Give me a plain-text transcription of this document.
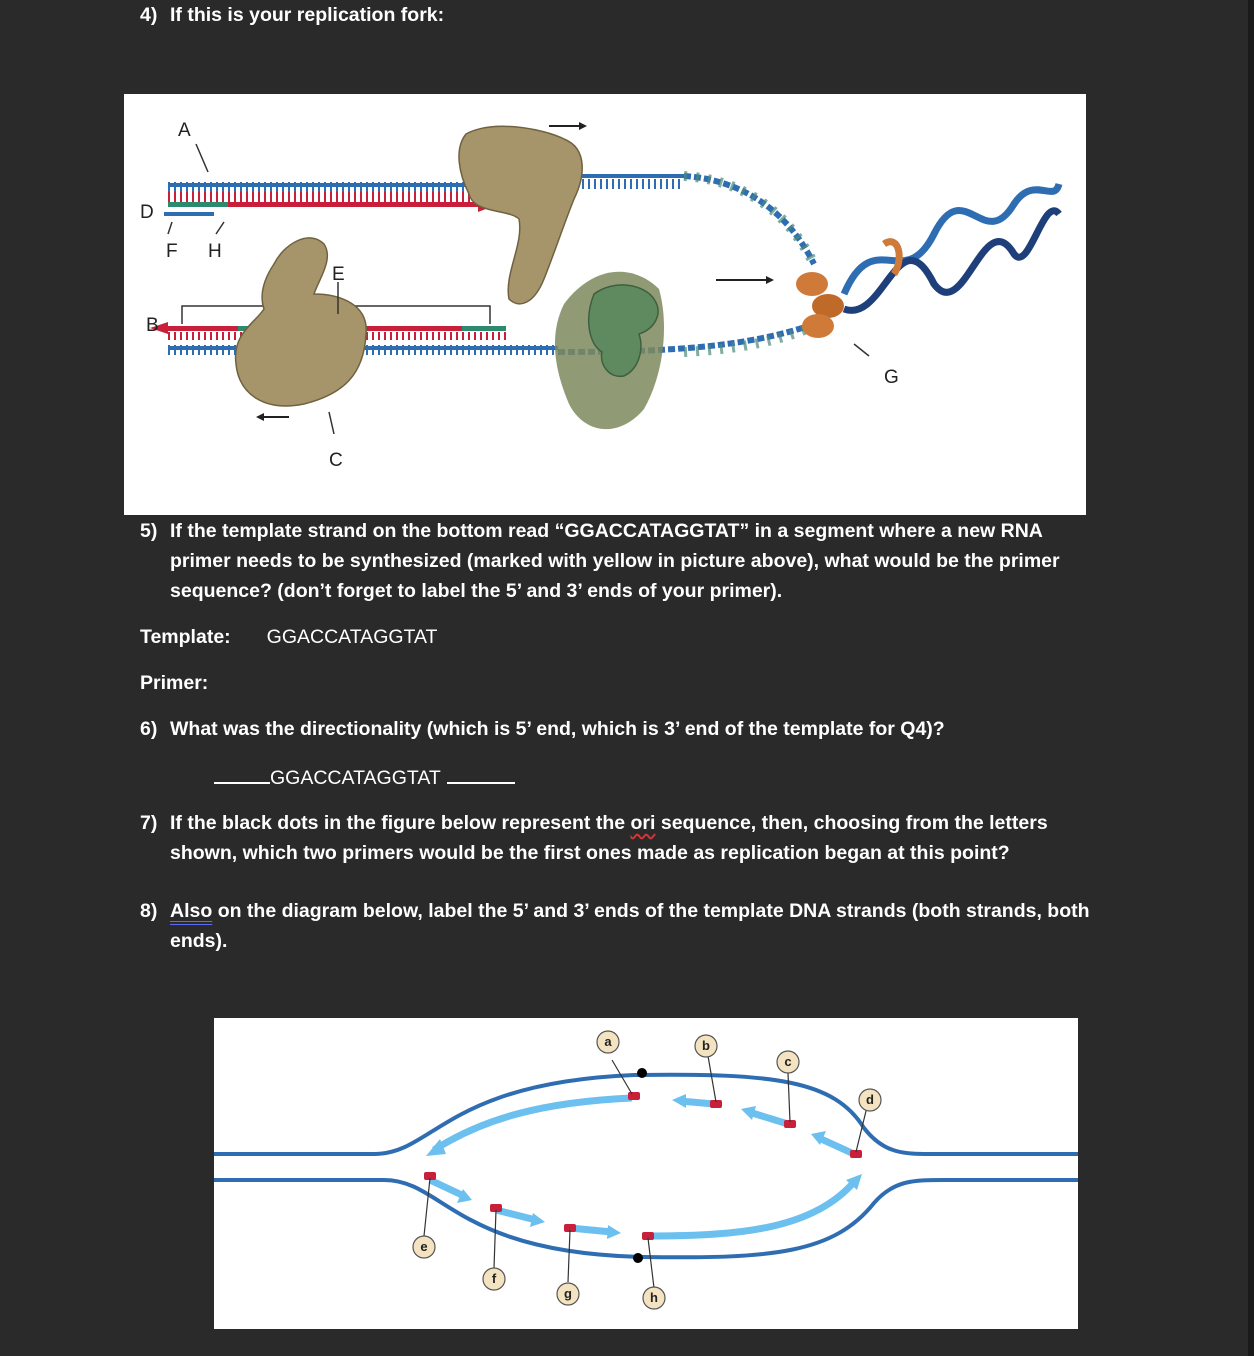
4) If this is your replication fork:
A
D
F H
E
B
C
G
5) If the template strand on the bottom read “GGACCATAGGTAT” in a segment where a new RNA
primer needs to be synthesized (marked with yellow in picture above), what would be the primer
sequence? (don’t forget to label the 5’ and 3’ ends of your primer).
Template: GGACCATAGGTAT
Primer:
6) What was the directionality (which is 5’ end, which is 3’ end of the template for Q4)?
GGACCATAGGTAT
7) If the black dots in the figure below represent the ori sequence, then, choosing from the letters
shown, which two primers would be the first ones made as replication began at this point?
8) Also on the diagram below, label the 5’ and 3’ ends of the template DNA strands (both strands, both
ends).
a	b
c
d
e
f
g	h
